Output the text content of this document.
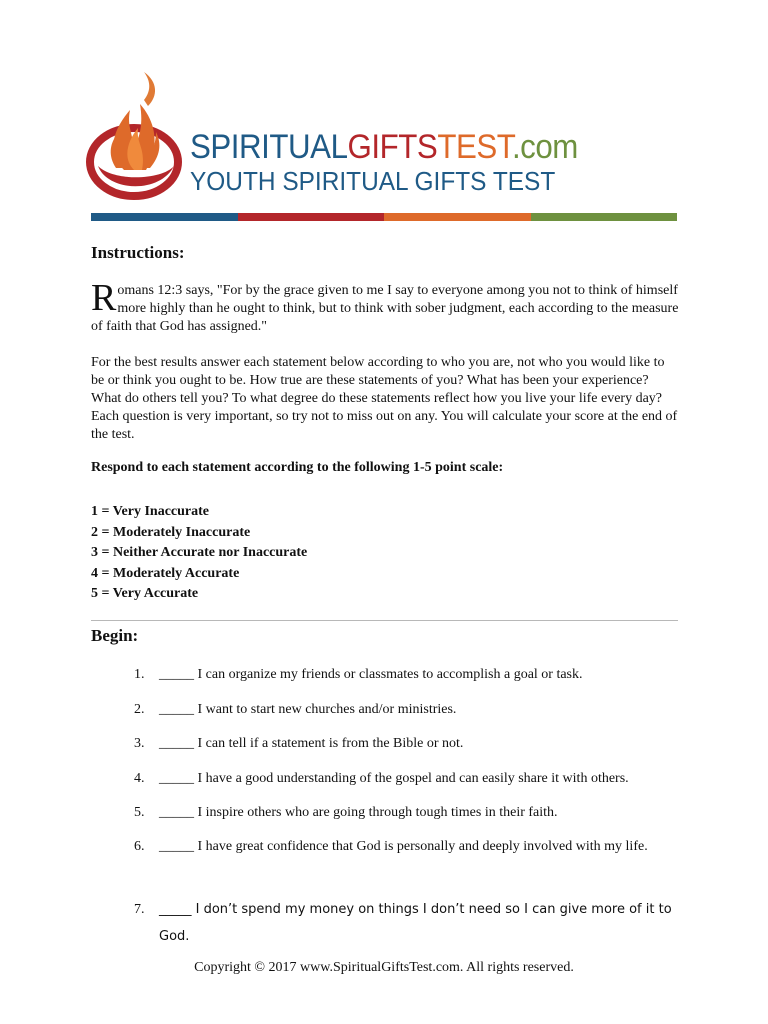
SPIRITUALGIFTSTEST.com
YOUTH SPIRITUAL GIFTS TEST
Instructions:
Romans 12:3 says, "For by the grace given to me I say to everyone among you not to think of himself more highly than he ought to think, but to think with sober judgment, each according to the measure of faith that God has assigned."
For the best results answer each statement below according to who you are, not who you would like to be or think you ought to be. How true are these statements of you? What has been your experience? What do others tell you? To what degree do these statements reflect how you live your life every day? Each question is very important, so try not to miss out on any. You will calculate your score at the end of the test.
Respond to each statement according to the following 1-5 point scale:
1 = Very Inaccurate
2 = Moderately Inaccurate
3 = Neither Accurate nor Inaccurate
4 = Moderately Accurate
5 = Very Accurate
Begin:
1. _____ I can organize my friends or classmates to accomplish a goal or task.
2. _____ I want to start new churches and/or ministries.
3. _____ I can tell if a statement is from the Bible or not.
4. _____ I have a good understanding of the gospel and can easily share it with others.
5. _____ I inspire others who are going through tough times in their faith.
6. _____ I have great confidence that God is personally and deeply involved with my life.
7. _____ I don’t spend my money on things I don’t need so I can give more of it to God.
Copyright © 2017 www.SpiritualGiftsTest.com. All rights reserved.
